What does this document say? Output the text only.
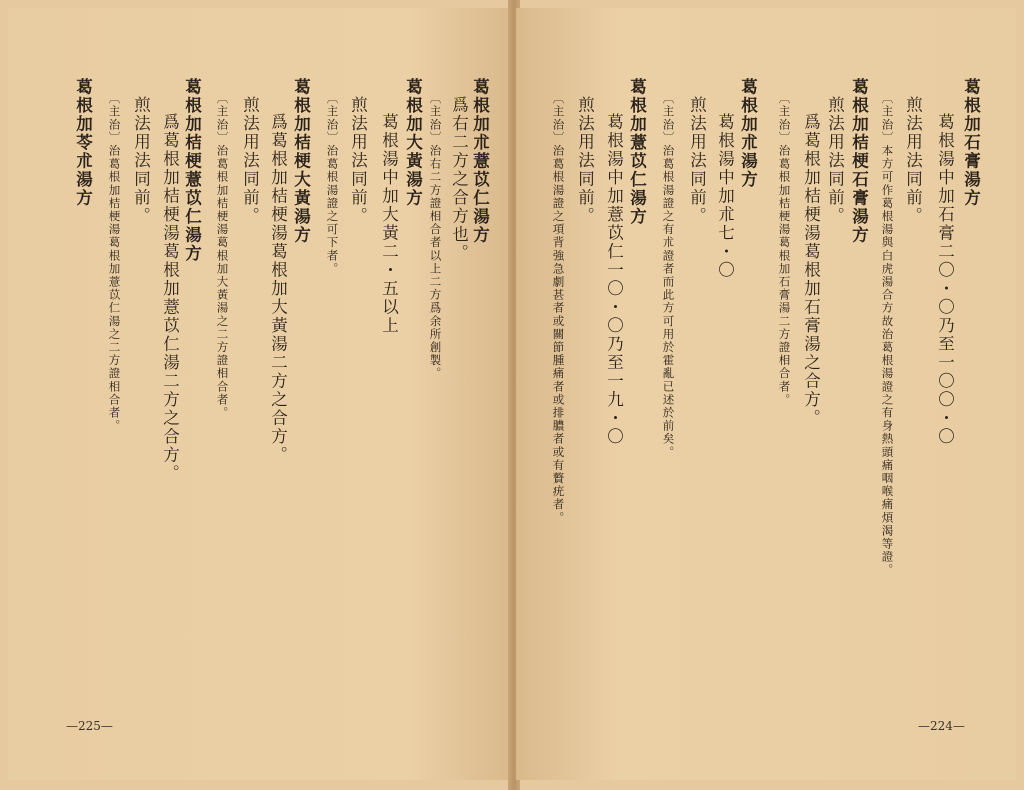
葛根加朮薏苡仁湯方
爲右二方之合方也。
〔主治〕治右二方證相合者以上二方爲余所創製。
葛根加大黃湯方
葛根湯中加大黃二・五以上
煎法用法同前。
〔主治〕治葛根湯證之可下者。
葛根加桔梗大黃湯方
爲葛根加桔梗湯葛根加大黃湯二方之合方。
煎法用法同前。
〔主治〕治葛根加桔梗湯葛根加大黃湯之二方證相合者。
葛根加桔梗薏苡仁湯方
爲葛根加桔梗湯葛根加薏苡仁湯二方之合方。
煎法用法同前。
〔主治〕治葛根加桔梗湯葛根加薏苡仁湯之二方證相合者。
葛根加苓朮湯方
—225—
葛根加石膏湯方
葛根湯中加石膏二〇・〇乃至一〇〇・〇
煎法用法同前。
〔主治〕本方可作葛根湯與白虎湯合方故治葛根湯證之有身熱頭痛咽喉痛煩渴等證。
葛根加桔梗石膏湯方
煎法用法同前。
爲葛根加桔梗湯葛根加石膏湯之合方。
〔主治〕治葛根加桔梗湯葛根加石膏湯二方證相合者。
葛根加朮湯方
葛根湯中加朮七・〇
煎法用法同前。
〔主治〕治葛根湯證之有朮證者而此方可用於霍亂已述於前矣。
葛根加薏苡仁湯方
葛根湯中加薏苡仁一〇・〇乃至一九・〇
煎法用法同前。
〔主治〕治葛根湯證之項背強急劇甚者或關節腫痛者或排膿者或有贅疣者。
—224—
